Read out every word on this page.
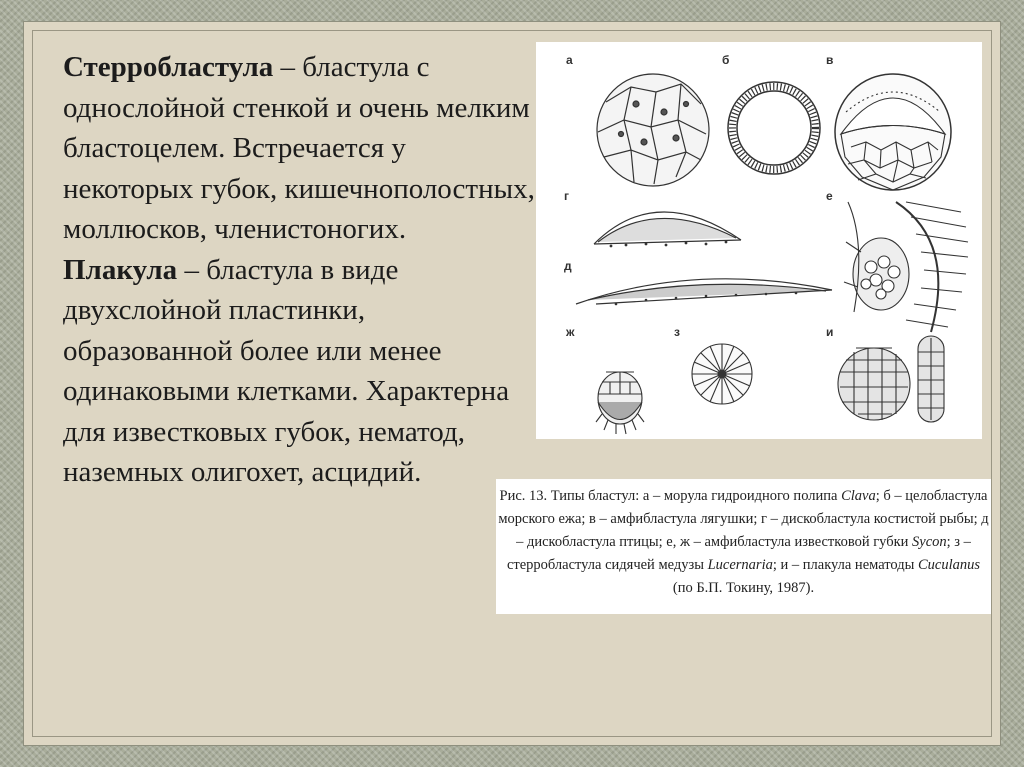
Стерробластула – бластула с однослойной стенкой и очень мелким бластоцелем. Встречается у некоторых губок, кишечнополостных, моллюсков, членистоногих.

Плакула – бластула в виде двухслойной пластинки, образованной более или менее одинаковыми клетками. Характерна для известковых губок, нематод, наземных олигохет, асцидий.

а	б	в
г	е
д
ж	з	и
Рис. 13. Типы бластул: а – морула гидроидного полипа Clava; б – целобластула морского ежа; в – амфибластула лягушки; г – дискобластула костистой рыбы; д – дискобластула птицы; е, ж – амфибластула известковой губки Sycon; з – стерробластула сидячей медузы Lucernaria; и – плакула нематоды Cuculanus (по Б.П. Токину, 1987).
